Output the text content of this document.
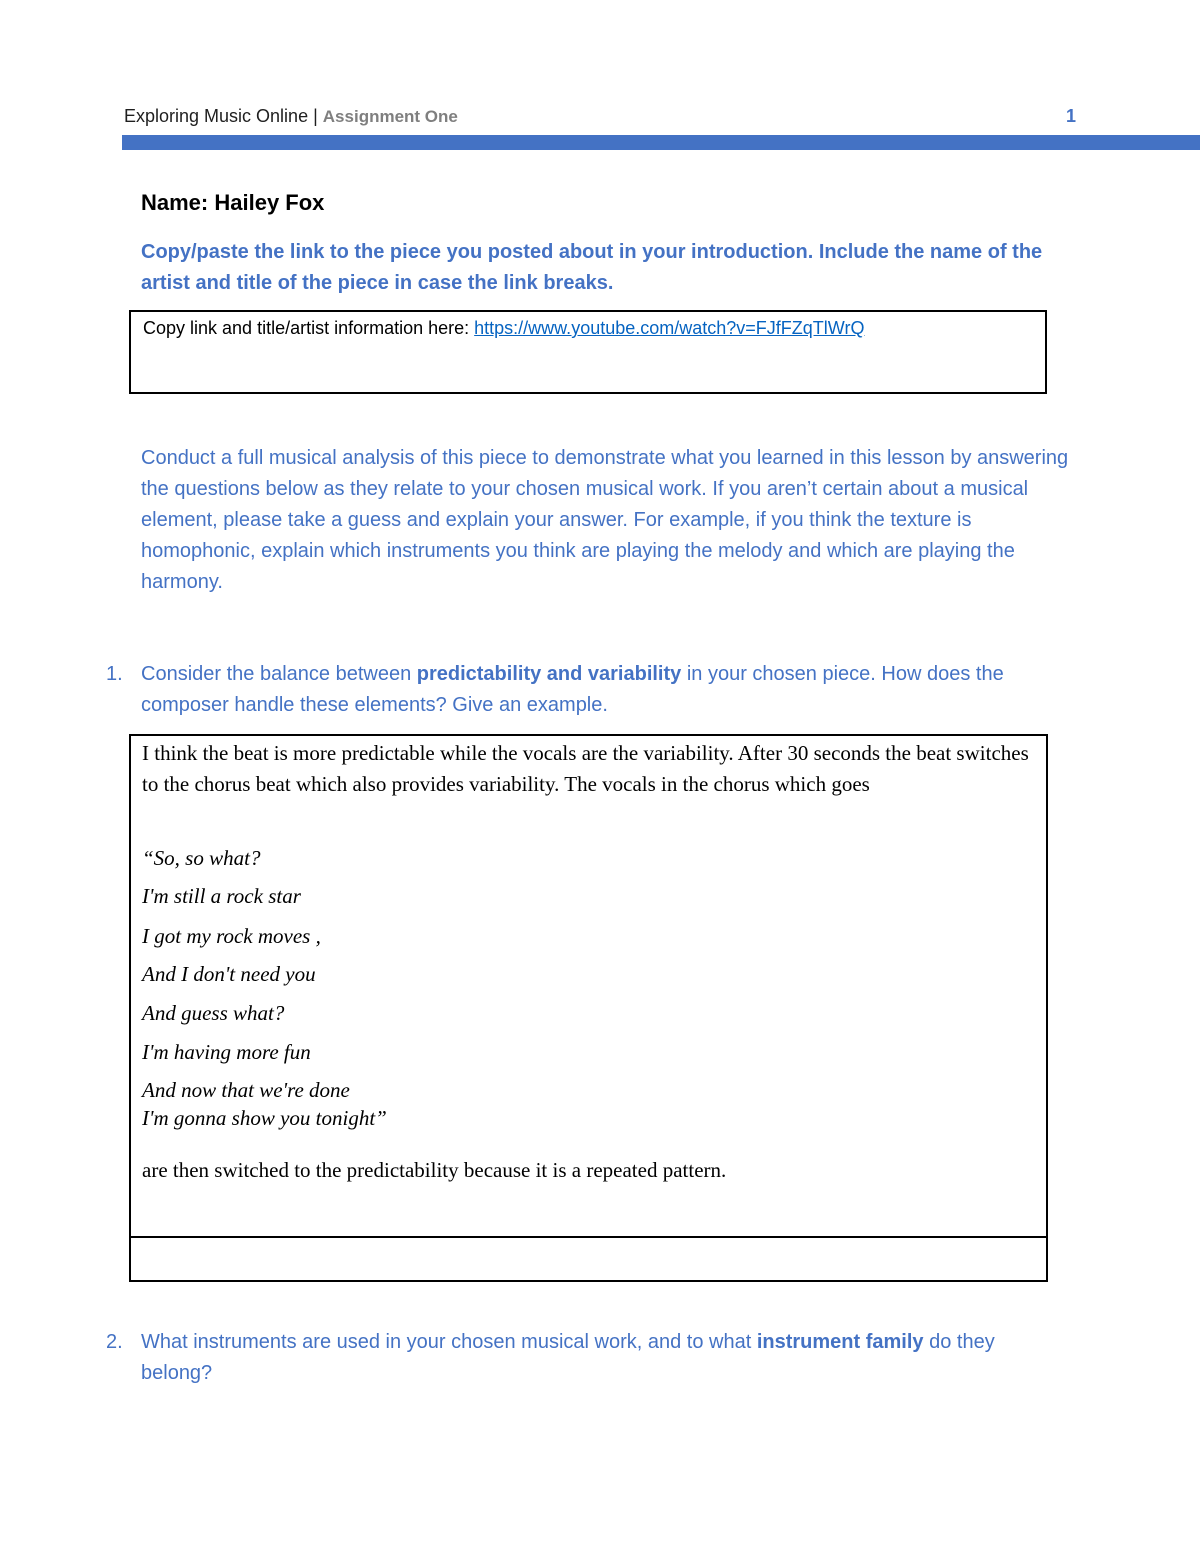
Exploring Music Online | Assignment One	1
Name: Hailey Fox
Copy/paste the link to the piece you posted about in your introduction. Include the name of the artist and title of the piece in case the link breaks.
Copy link and title/artist information here: https://www.youtube.com/watch?v=FJfFZqTlWrQ
Conduct a full musical analysis of this piece to demonstrate what you learned in this lesson by answering the questions below as they relate to your chosen musical work. If you aren’t certain about a musical element, please take a guess and explain your answer. For example, if you think the texture is homophonic, explain which instruments you think are playing the melody and which are playing the harmony.
1. Consider the balance between predictability and variability in your chosen piece. How does the composer handle these elements? Give an example.
I think the beat is more predictable while the vocals are the variability. After 30 seconds the beat switches to the chorus beat which also provides variability. The vocals in the chorus which goes
“So, so what?
I'm still a rock star
I got my rock moves ,
And I don't need you
And guess what?
I'm having more fun
And now that we're done
I'm gonna show you tonight”
are then switched to the predictability because it is a repeated pattern.
2. What instruments are used in your chosen musical work, and to what instrument family do they belong?
